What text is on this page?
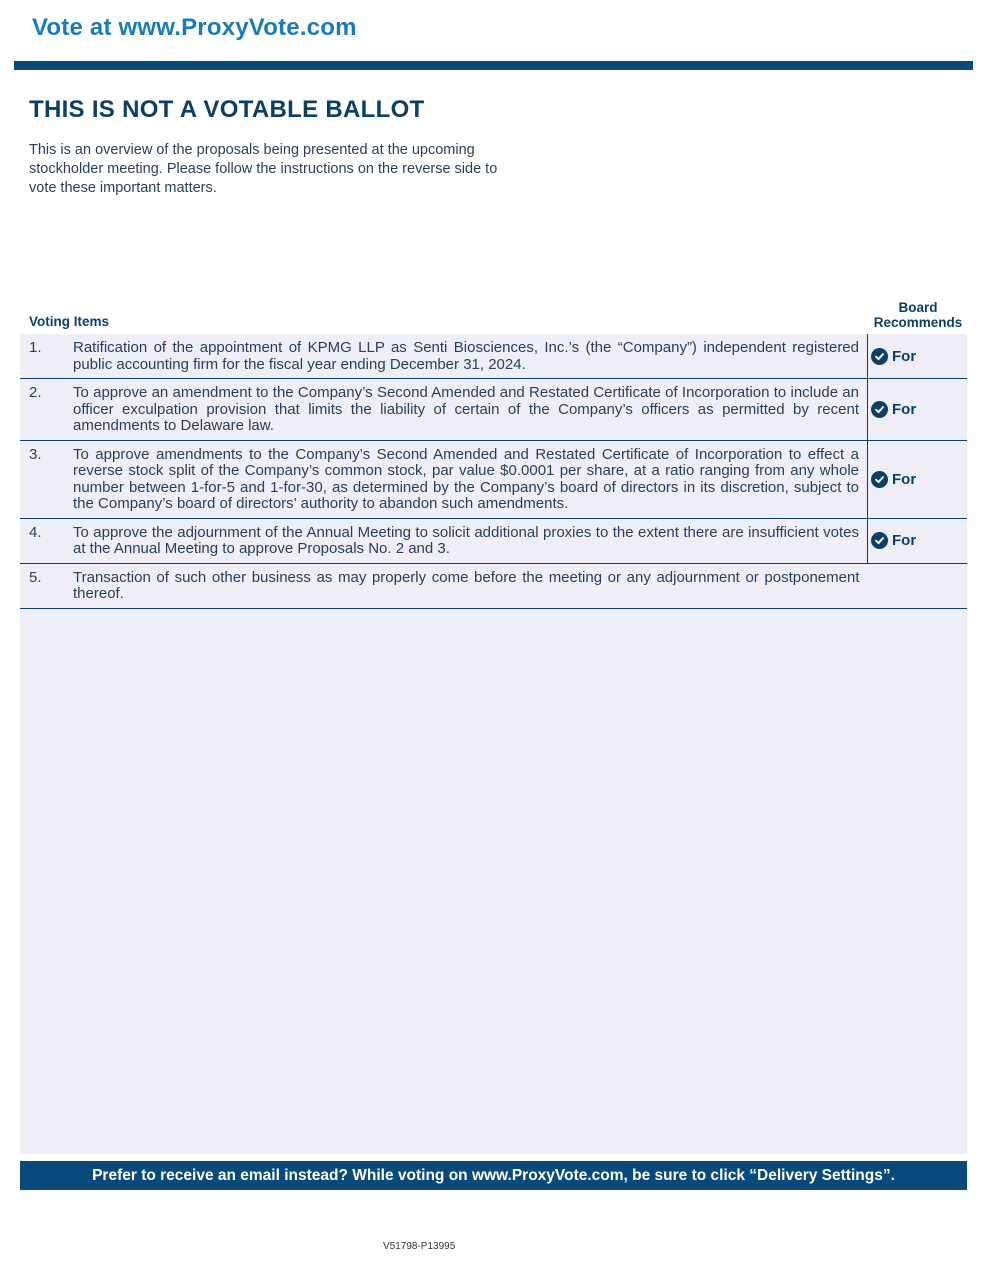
Vote at www.ProxyVote.com
THIS IS NOT A VOTABLE BALLOT
This is an overview of the proposals being presented at the upcoming stockholder meeting. Please follow the instructions on the reverse side to vote these important matters.
Voting Items
Board Recommends
1.	Ratification of the appointment of KPMG LLP as Senti Biosciences, Inc.’s (the “Company”) independent registered public accounting firm for the fiscal year ending December 31, 2024.	For

2.	To approve an amendment to the Company’s Second Amended and Restated Certificate of Incorporation to include an officer exculpation provision that limits the liability of certain of the Company’s officers as permitted by recent amendments to Delaware law.	For

3.	To approve amendments to the Company’s Second Amended and Restated Certificate of Incorporation to effect a reverse stock split of the Company’s common stock, par value $0.0001 per share, at a ratio ranging from any whole number between 1-for-5 and 1-for-30, as determined by the Company’s board of directors in its discretion, subject to the Company’s board of directors’ authority to abandon such amendments.	For

4.	To approve the adjournment of the Annual Meeting to solicit additional proxies to the extent there are insufficient votes at the Annual Meeting to approve Proposals No. 2 and 3.	For

5.	Transaction of such other business as may properly come before the meeting or any adjournment or postponement thereof.	
Prefer to receive an email instead? While voting on www.ProxyVote.com, be sure to click “Delivery Settings”.
V51798-P13995
